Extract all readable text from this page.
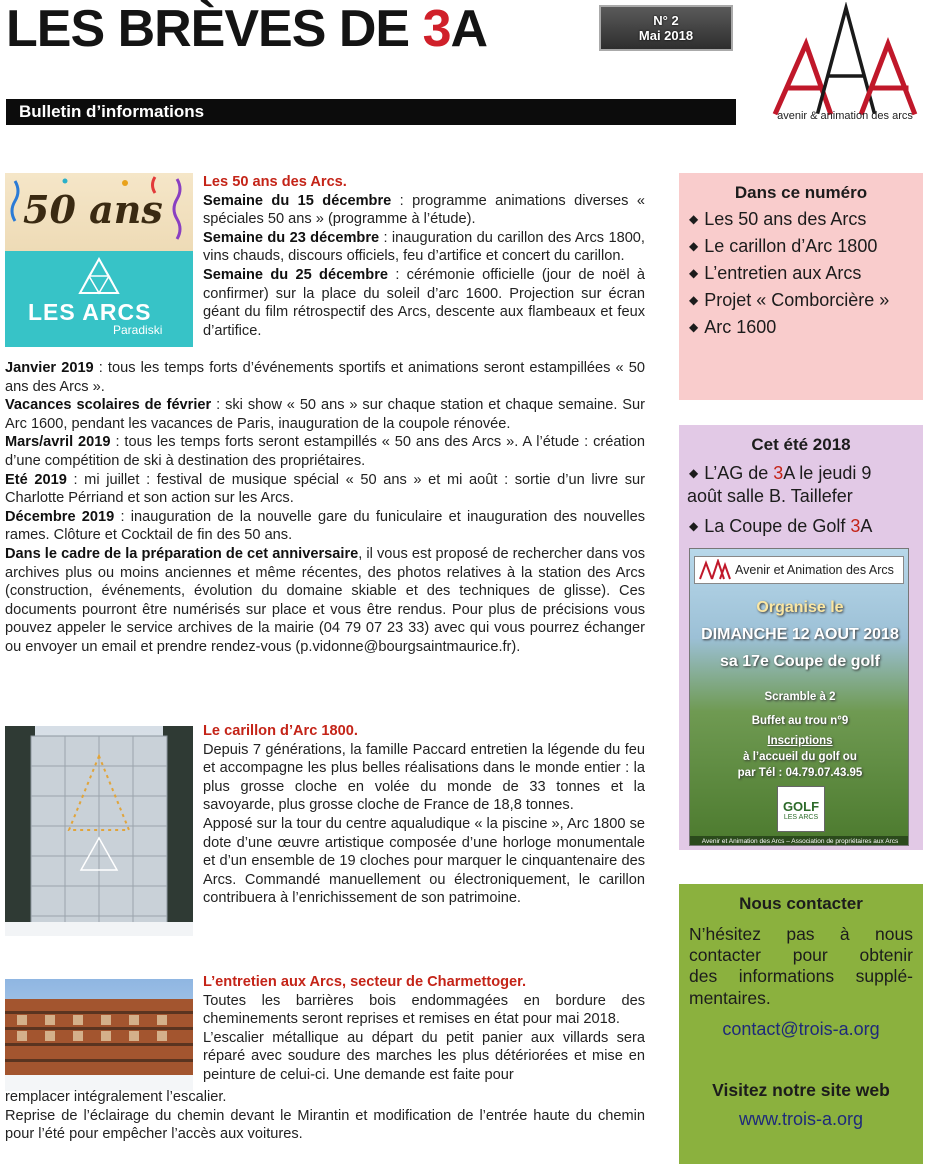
LES BRÈVES DE 3A	N° 2
Mai 2018
avenir & animation des arcs
Bulletin d’informations
50 ans
LES ARCS
Paradiski
Les 50 ans des Arcs.

Semaine du 15 décembre : programme animations diverses « spéciales 50 ans » (programme à l’étude).

Semaine du 23 décembre : inauguration du carillon des Arcs 1800, vins chauds, discours officiels, feu d’artifice et concert du carillon.

Semaine du 25 décembre : cérémonie officielle (jour de noël à confirmer) sur la place du soleil d’arc 1600. Projection sur écran géant du film rétrospectif des Arcs, descente aux flambeaux et feux d’artifice.

Janvier 2019 : tous les temps forts d’événements sportifs et animations seront estampillées « 50 ans des Arcs ».

Vacances scolaires de février : ski show « 50 ans » sur chaque station et chaque semaine. Sur Arc 1600, pendant les vacances de Paris, inauguration de la coupole rénovée.

Mars/avril 2019 : tous les temps forts seront estampillés « 50 ans des Arcs ». A l’étude : création d’une compétition de ski à destination des propriétaires.

Eté 2019 : mi juillet : festival de musique spécial « 50 ans » et mi août : sortie d’un livre sur Charlotte Pérriand et son action sur les Arcs.

Décembre 2019 : inauguration de la nouvelle gare du funiculaire et inauguration des nouvelles rames. Clôture et Cocktail de fin des 50 ans.

Dans le cadre de la préparation de cet anniversaire, il vous est proposé de rechercher dans vos archives plus ou moins anciennes et même récentes, des photos relatives à la station des Arcs (construction, événements, évolution du domaine skiable et des techniques de glisse). Ces documents pourront être numérisés sur place et vous être rendus. Pour plus de précisions vous pouvez appeler le service archives de la mairie (04 79 07 23 33) avec qui vous pourrez échanger ou envoyer un email et prendre rendez-vous (p.vidonne@bourgsaintmaurice.fr).

Le carillon d’Arc 1800.

Depuis 7 générations, la famille Paccard entretien la légende du feu et accompagne les plus belles réalisations dans le monde entier : la plus grosse cloche en volée du monde de 33 tonnes et la savoyarde, plus grosse cloche de France de 18,8 tonnes.

Apposé sur la tour du centre aqualudique « la piscine », Arc 1800 se dote d’une œuvre artistique composée d’une horloge monumentale et d’un ensemble de 19 cloches pour marquer le cinquantenaire des Arcs. Commandé manuellement ou électroniquement, le carillon contribuera à l’enrichissement de son patrimoine.

L’entretien aux Arcs, secteur de Charmettoger.

Toutes les barrières bois endommagées en bordure des cheminements seront reprises et remises en état pour mai 2018.

L’escalier métallique au départ du petit panier aux villards sera réparé avec soudure des marches les plus détériorées et mise en peinture de celui-ci. Une demande est faite pour

remplacer intégralement l’escalier.

Reprise de l’éclairage du chemin devant le Mirantin et modification de l’entrée haute du chemin pour l’été pour empêcher l’accès aux voitures.

Dans ce numéro
◆ Les 50 ans des Arcs
◆ Le carillon d’Arc 1800
◆ L’entretien aux Arcs
◆ Projet « Comborcière »
◆ Arc 1600
Cet été 2018
◆ L’AG de 3A le jeudi 9
août salle B. Taillefer
◆ La Coupe de Golf 3A
Avenir et Animation des Arcs
Organise le
DIMANCHE 12 AOUT 2018
sa 17e Coupe de golf
Scramble à 2
Buffet au trou n°9
Inscriptions
à l’accueil du golf ou
par Tél : 04.79.07.43.95
GOLF
LES ARCS
Avenir et Animation des Arcs – Association de propriétaires aux Arcs
Nous contacter
N’hésitez pas à nous
contacter pour obtenir
des informations supplé-
mentaires.
contact@trois-a.org
Visitez notre site web
www.trois-a.org
